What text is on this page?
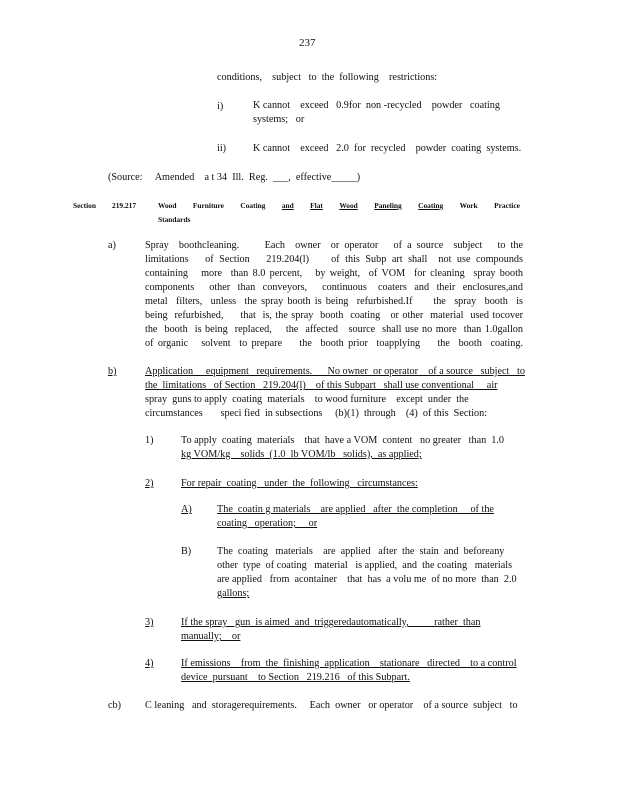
237
conditions,    subject   to  the  following    restrictions:
i)	K cannot    exceed   0.9for  non -recycled    powder   coating
systems;   or
ii)	K cannot    exceed   2.0  for  recycled    powder  coating  systems.
(Source: Amended    a t 34  Ill.  Reg. ___, effective_____)
Section 219.217	Wood Furniture Coating and Flat Wood Paneling Coating Work Practice
Standards
a)	Spray  boothcleaning.     Each  owner  or operator   of a source  subject   to the
limitations   of Section   219.204(l)    of this Subp art shall  not use compounds
containing   more  than 8.0 percent,   by weight,  of VOM  for cleaning  spray booth
components    other  than  conveyors,    continuous   coaters  and  their  enclosures,and
metal  filters,  unless  the spray booth is being  refurbished.If     the  spray  booth  is
being  refurbished,     that  is, the spray  booth  coating   or other  material  used tocover
the  booth  is being  replaced,    the  affected   source  shall use no more  than 1.0gallon
of organic   solvent  to prepare    the  booth prior  toapplying    the  booth  coating.
b)	Application     equipment   requirements.      No owner  or operator    of a source   subject   to
the  limitations   of Section   219.204(l)    of this Subpart   shall use conventional     air
spray  guns to apply  coating  materials    to wood furniture    except  under  the
circumstances       speci fied  in subsections     (b)(1)  through    (4)  of this  Section:
1)	To apply  coating  materials    that  have a VOM  content   no greater   than  1.0
kg VOM/kg    solids  (1.0  lb VOM/lb   solids),  as applied;
2)	For repair  coating   under  the  following   circumstances:
A) The  coatin g materials    are applied   after  the completion     of the
coating   operation;     or
B)	The  coating   materials    are  applied   after  the  stain  and  beforeany
other  type  of coating   material   is applied,  and  the coating   materials
are applied   from  acontainer    that  has  a volu me  of no more  than  2.0
gallons;
3)	If the spray   gun  is aimed  and  triggeredautomatically,          rather  than
manually;    or
4)	If emissions    from  the  finishing  application    stationare   directed    to a control
device  pursuant    to Section   219.216   of this Subpart.
cb) C leaning   and  storagerequirements. Each  owner   or operator    of a source  subject   to
